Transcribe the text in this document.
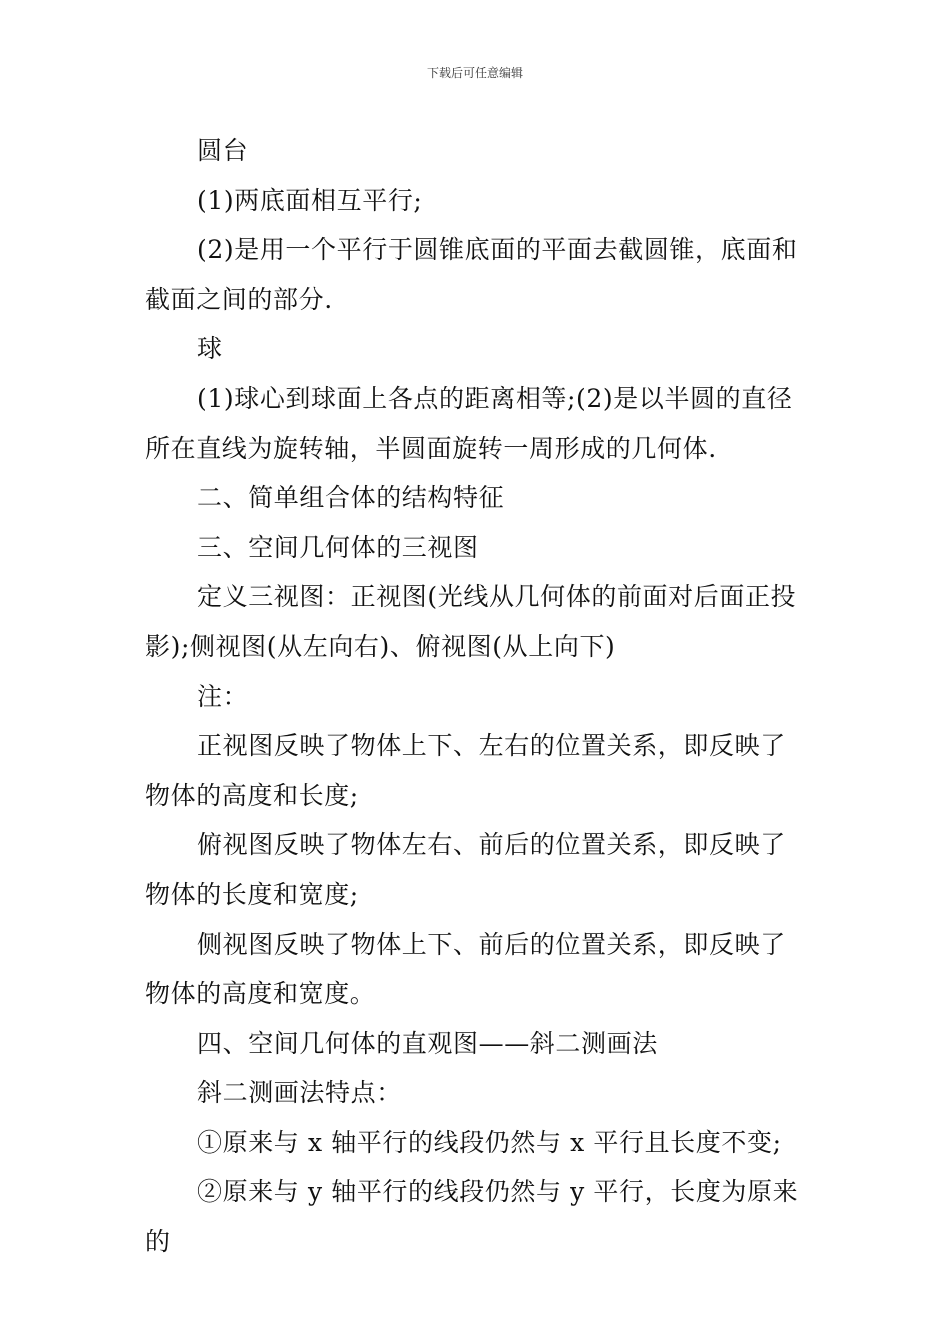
下载后可任意编辑

圆台

(1)两底面相互平行;

(2)是用一个平行于圆锥底面的平面去截圆锥，底面和截面之间的部分.

球

(1)球心到球面上各点的距离相等;(2)是以半圆的直径所在直线为旋转轴，半圆面旋转一周形成的几何体.

二、简单组合体的结构特征

三、空间几何体的三视图

定义三视图：正视图(光线从几何体的前面对后面正投影);侧视图(从左向右)、俯视图(从上向下)

注：

正视图反映了物体上下、左右的位置关系，即反映了物体的高度和长度;

俯视图反映了物体左右、前后的位置关系，即反映了物体的长度和宽度;

侧视图反映了物体上下、前后的位置关系，即反映了物体的高度和宽度。

四、空间几何体的直观图——斜二测画法

斜二测画法特点：

①原来与 x 轴平行的线段仍然与 x 平行且长度不变;

②原来与 y 轴平行的线段仍然与 y 平行，长度为原来的
